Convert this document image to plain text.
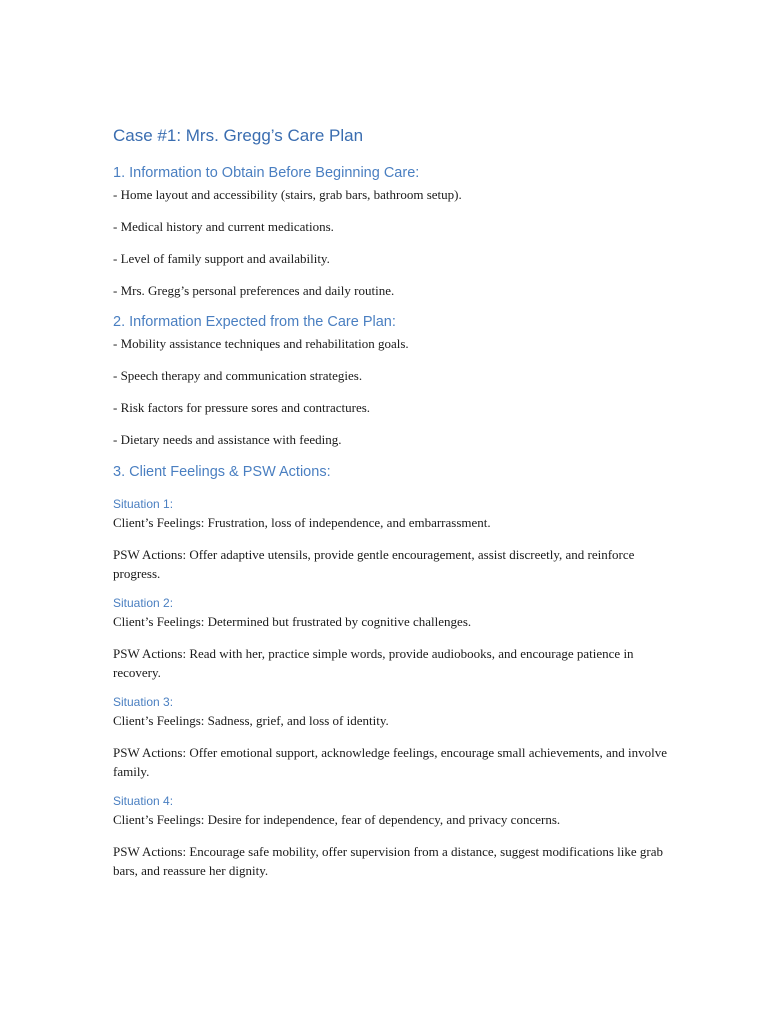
Case #1: Mrs. Gregg’s Care Plan
1. Information to Obtain Before Beginning Care:

- Home layout and accessibility (stairs, grab bars, bathroom setup).

- Medical history and current medications.

- Level of family support and availability.

- Mrs. Gregg’s personal preferences and daily routine.

2. Information Expected from the Care Plan:

- Mobility assistance techniques and rehabilitation goals.

- Speech therapy and communication strategies.

- Risk factors for pressure sores and contractures.

- Dietary needs and assistance with feeding.

3. Client Feelings & PSW Actions:
Situation 1:

Client’s Feelings: Frustration, loss of independence, and embarrassment.

PSW Actions: Offer adaptive utensils, provide gentle encouragement, assist discreetly, and reinforce progress.

Situation 2:

Client’s Feelings: Determined but frustrated by cognitive challenges.

PSW Actions: Read with her, practice simple words, provide audiobooks, and encourage patience in recovery.

Situation 3:

Client’s Feelings: Sadness, grief, and loss of identity.

PSW Actions: Offer emotional support, acknowledge feelings, encourage small achievements, and involve family.

Situation 4:

Client’s Feelings: Desire for independence, fear of dependency, and privacy concerns.

PSW Actions: Encourage safe mobility, offer supervision from a distance, suggest modifications like grab bars, and reassure her dignity.
